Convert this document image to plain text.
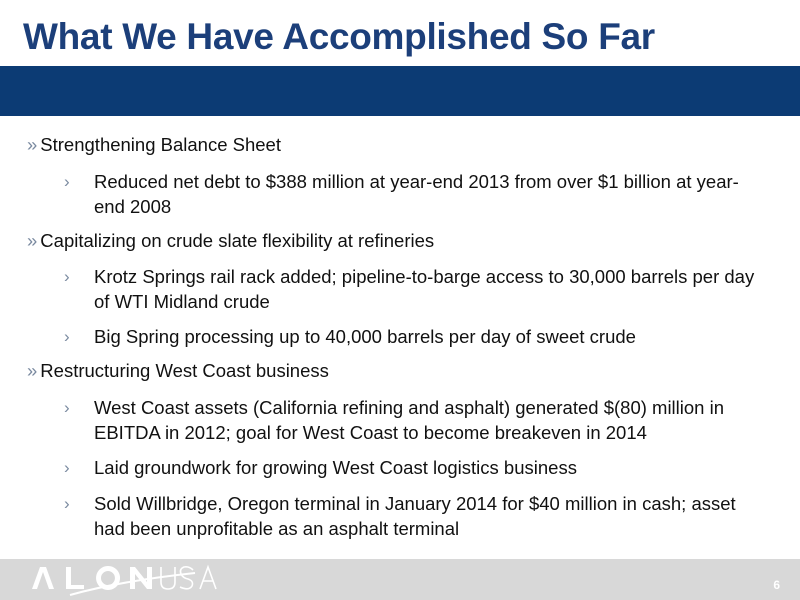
What We Have Accomplished So Far
» Strengthening Balance Sheet
› Reduced net debt to $388 million at year-end 2013 from over $1 billion at year-end 2008
» Capitalizing on crude slate flexibility at refineries
› Krotz Springs rail rack added; pipeline-to-barge access to 30,000 barrels per day of WTI Midland crude
› Big Spring processing up to 40,000 barrels per day of sweet crude
» Restructuring West Coast business
› West Coast assets (California refining and asphalt) generated $(80) million in EBITDA in 2012; goal for West Coast to become breakeven in 2014
› Laid groundwork for growing West Coast logistics business
› Sold Willbridge, Oregon terminal in January 2014 for $40 million in cash; asset had been unprofitable as an asphalt terminal
6
